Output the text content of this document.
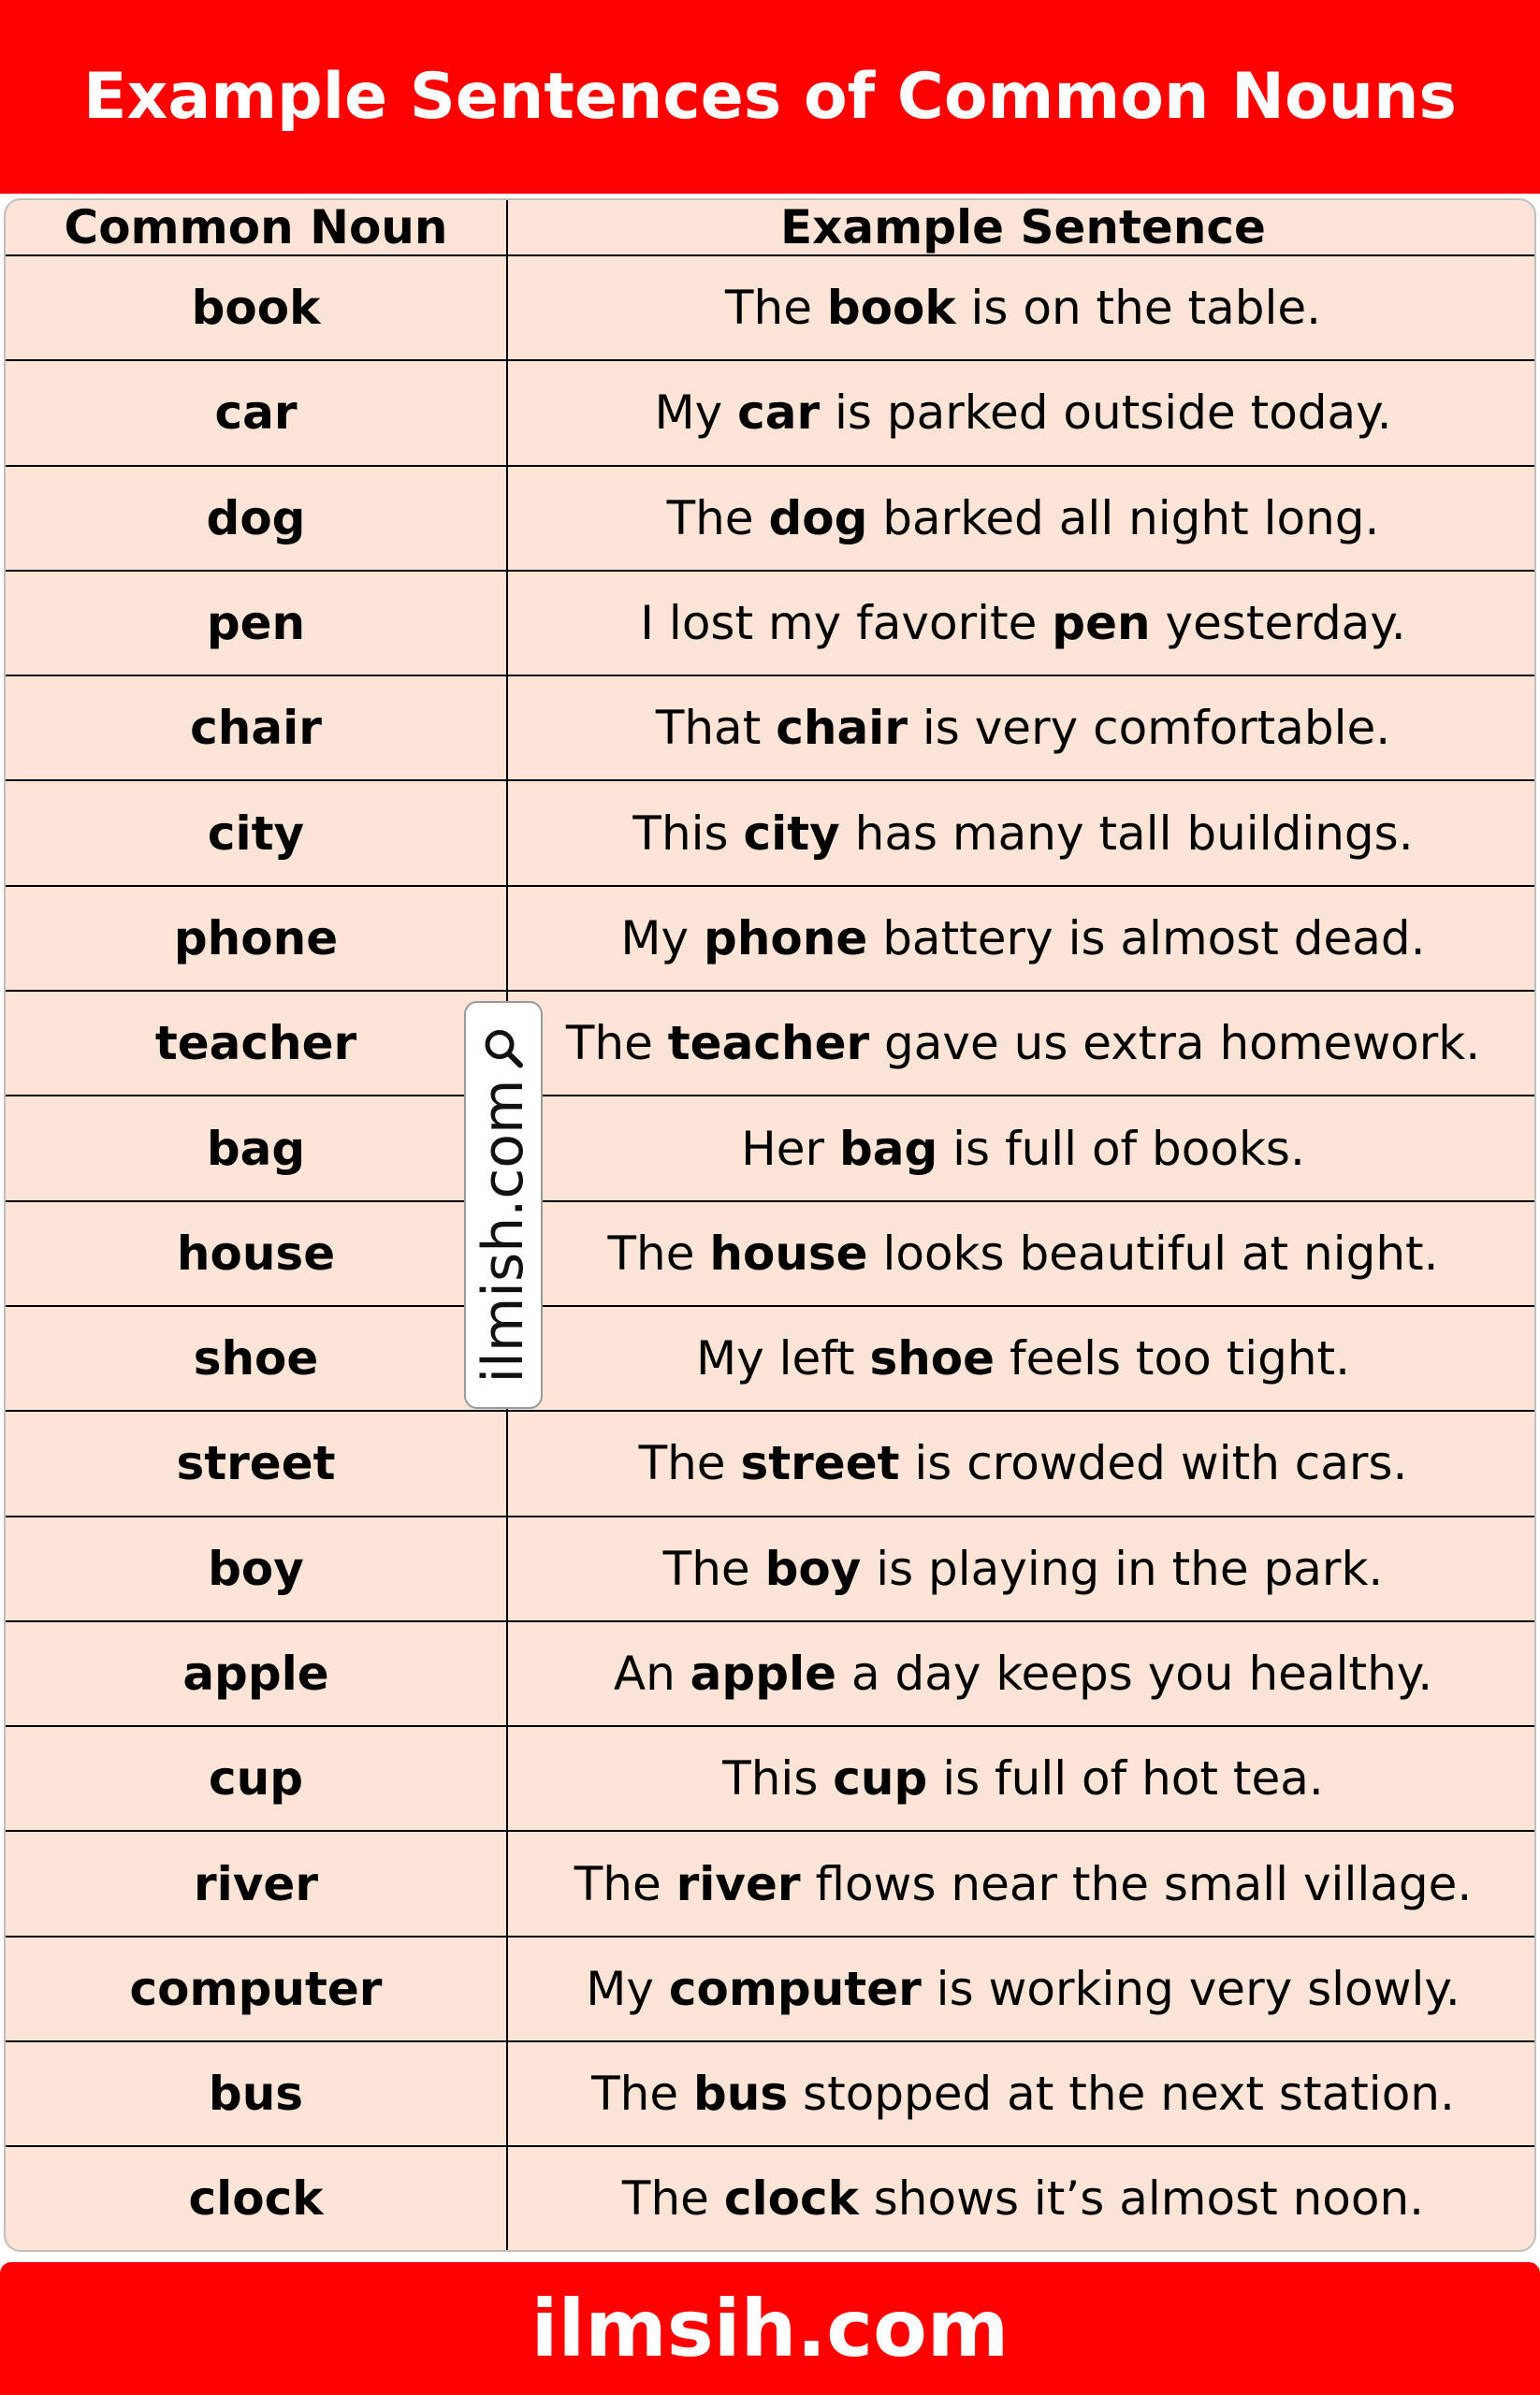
Example Sentences of Common Nouns
Common Noun	Example Sentence
book	The book is on the table.
car	My car is parked outside today.
dog	The dog barked all night long.
pen	I lost my favorite pen yesterday.
chair	That chair is very comfortable.
city	This city has many tall buildings.
phone	My phone battery is almost dead.
teacher	The teacher gave us extra homework.
bag	Her bag is full of books.
house	The house looks beautiful at night.
shoe	My left shoe feels too tight.
street	The street is crowded with cars.
boy	The boy is playing in the park.
apple	An apple a day keeps you healthy.
cup	This cup is full of hot tea.
river	The river flows near the small village.
computer	My computer is working very slowly.
bus	The bus stopped at the next station.
clock	The clock shows it’s almost noon.
ilmish.com
ilmsih.com
